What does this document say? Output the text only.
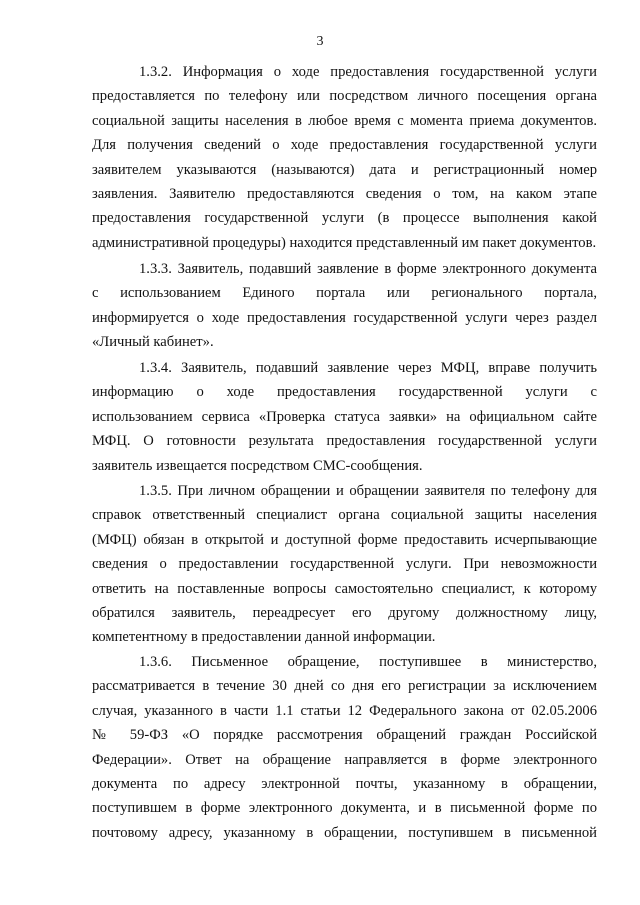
3
1.3.2. Информация о ходе предоставления государственной услуги
предоставляется по телефону или посредством личного посещения органа
социальной защиты населения в любое время с момента приема документов.
Для получения сведений о ходе предоставления государственной услуги
заявителем указываются (называются) дата и регистрационный номер
заявления. Заявителю предоставляются сведения о том, на каком этапе
предоставления государственной услуги (в процессе выполнения какой
административной процедуры) находится представленный им пакет документов.
1.3.3. Заявитель, подавший заявление в форме электронного документа
с использованием Единого портала или регионального портала,
информируется о ходе предоставления государственной услуги через раздел
«Личный кабинет».
1.3.4. Заявитель, подавший заявление через МФЦ, вправе получить
информацию о ходе предоставления государственной услуги с
использованием сервиса «Проверка статуса заявки» на официальном сайте
МФЦ. О готовности результата предоставления государственной услуги
заявитель извещается посредством СМС-сообщения.
1.3.5. При личном обращении и обращении заявителя по телефону для
справок ответственный специалист органа социальной защиты населения
(МФЦ) обязан в открытой и доступной форме предоставить исчерпывающие
сведения о предоставлении государственной услуги. При невозможности
ответить на поставленные вопросы самостоятельно специалист, к которому
обратился заявитель, переадресует его другому должностному лицу,
компетентному в предоставлении данной информации.
1.3.6. Письменное обращение, поступившее в министерство,
рассматривается в течение 30 дней со дня его регистрации за исключением
случая, указанного в части 1.1 статьи 12 Федерального закона от 02.05.2006
№ 59-ФЗ «О порядке рассмотрения обращений граждан Российской
Федерации». Ответ на обращение направляется в форме электронного
документа по адресу электронной почты, указанному в обращении,
поступившем в форме электронного документа, и в письменной форме по
почтовому адресу, указанному в обращении, поступившем в письменной
